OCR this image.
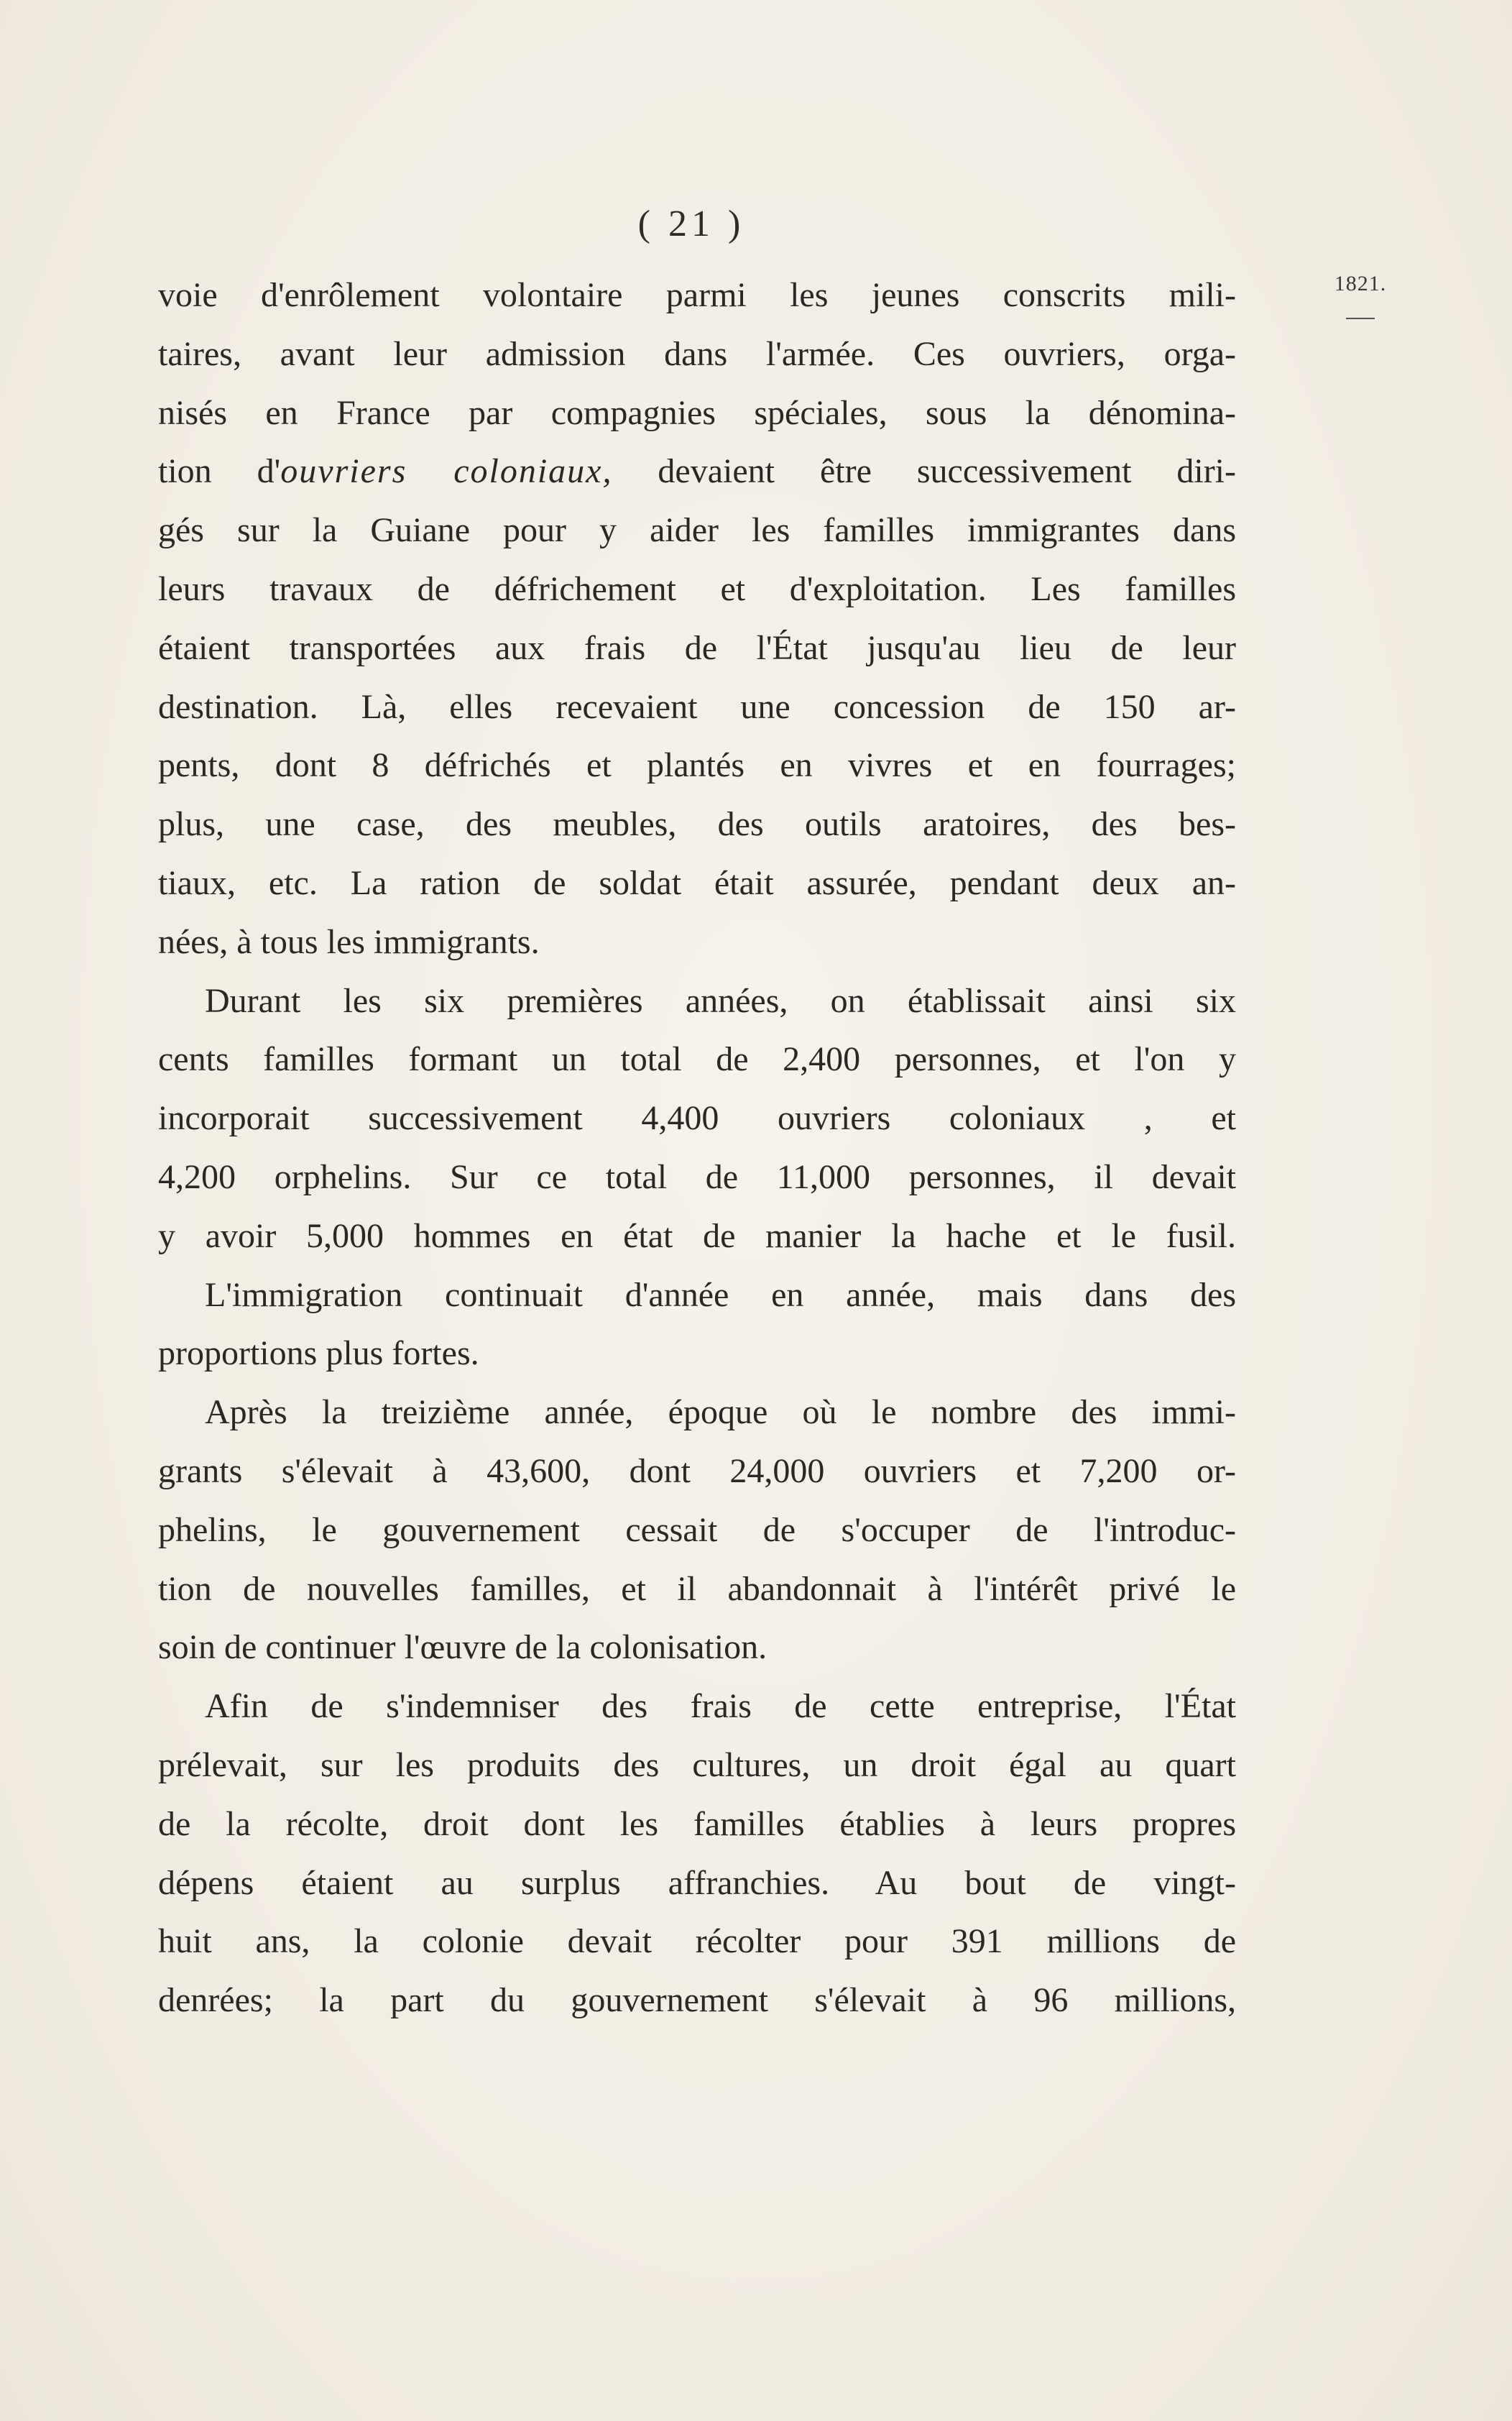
( 21 )
1821.
voie d'enrôlement volontaire parmi les jeunes conscrits mili-
taires, avant leur admission dans l'armée. Ces ouvriers, orga-
nisés en France par compagnies spéciales, sous la dénomina-
tion d'ouvriers coloniaux, devaient être successivement diri-
gés sur la Guiane pour y aider les familles immigrantes dans
leurs travaux de défrichement et d'exploitation. Les familles
étaient transportées aux frais de l'État jusqu'au lieu de leur
destination. Là, elles recevaient une concession de 150 ar-
pents, dont 8 défrichés et plantés en vivres et en fourrages;
plus, une case, des meubles, des outils aratoires, des bes-
tiaux, etc. La ration de soldat était assurée, pendant deux an-
nées, à tous les immigrants.
Durant les six premières années, on établissait ainsi six
cents familles formant un total de 2,400 personnes, et l'on y
incorporait successivement 4,400 ouvriers coloniaux , et
4,200 orphelins. Sur ce total de 11,000 personnes, il devait
y avoir 5,000 hommes en état de manier la hache et le fusil.
L'immigration continuait d'année en année, mais dans des
proportions plus fortes.
Après la treizième année, époque où le nombre des immi-
grants s'élevait à 43,600, dont 24,000 ouvriers et 7,200 or-
phelins, le gouvernement cessait de s'occuper de l'introduc-
tion de nouvelles familles, et il abandonnait à l'intérêt privé le
soin de continuer l'œuvre de la colonisation.
Afin de s'indemniser des frais de cette entreprise, l'État
prélevait, sur les produits des cultures, un droit égal au quart
de la récolte, droit dont les familles établies à leurs propres
dépens étaient au surplus affranchies. Au bout de vingt-
huit ans, la colonie devait récolter pour 391 millions de
denrées; la part du gouvernement s'élevait à 96 millions,
